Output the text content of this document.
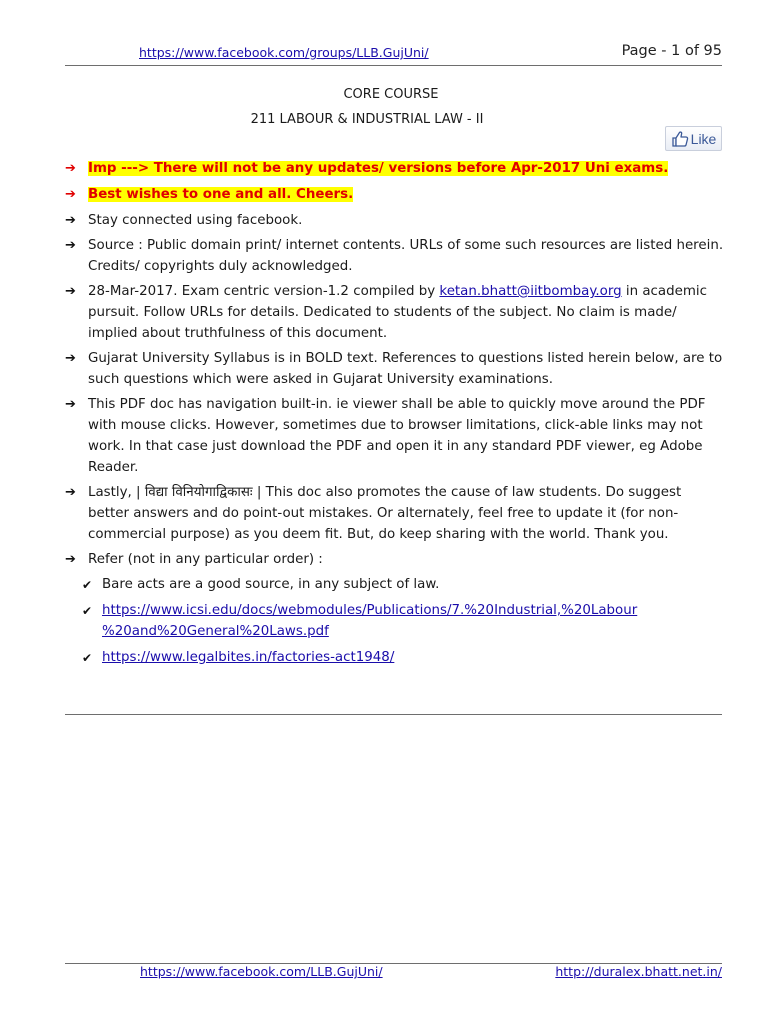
https://www.facebook.com/groups/LLB.GujUni/	Page - 1 of 95
CORE COURSE
211 LABOUR & INDUSTRIAL LAW - II
Like
➔ Imp ---> There will not be any updates/ versions before Apr-2017 Uni exams.
➔ Best wishes to one and all. Cheers.
➔ Stay connected using facebook.
➔ Source : Public domain print/ internet contents. URLs of some such resources are listed herein. Credits/ copyrights duly acknowledged.
➔ 28-Mar-2017. Exam centric version-1.2 compiled by ketan.bhatt@iitbombay.org in academic pursuit. Follow URLs for details. Dedicated to students of the subject. No claim is made/ implied about truthfulness of this document.
➔ Gujarat University Syllabus is in BOLD text. References to questions listed herein below, are to such questions which were asked in Gujarat University examinations.
➔ This PDF doc has navigation built-in. ie viewer shall be able to quickly move around the PDF with mouse clicks. However, sometimes due to browser limitations, click-able links may not work. In that case just download the PDF and open it in any standard PDF viewer, eg Adobe Reader.
➔ Lastly, | विद्या विनियोगाद्विकासः | This doc also promotes the cause of law students. Do suggest better answers and do point-out mistakes. Or alternately, feel free to update it (for non-commercial purpose) as you deem fit. But, do keep sharing with the world. Thank you.
➔ Refer (not in any particular order) :
✔ Bare acts are a good source, in any subject of law.
✔ https://www.icsi.edu/docs/webmodules/Publications/7.%20Industrial,%20Labour %20and%20General%20Laws.pdf
✔ https://www.legalbites.in/factories-act1948/
https://www.facebook.com/LLB.GujUni/	http://duralex.bhatt.net.in/
